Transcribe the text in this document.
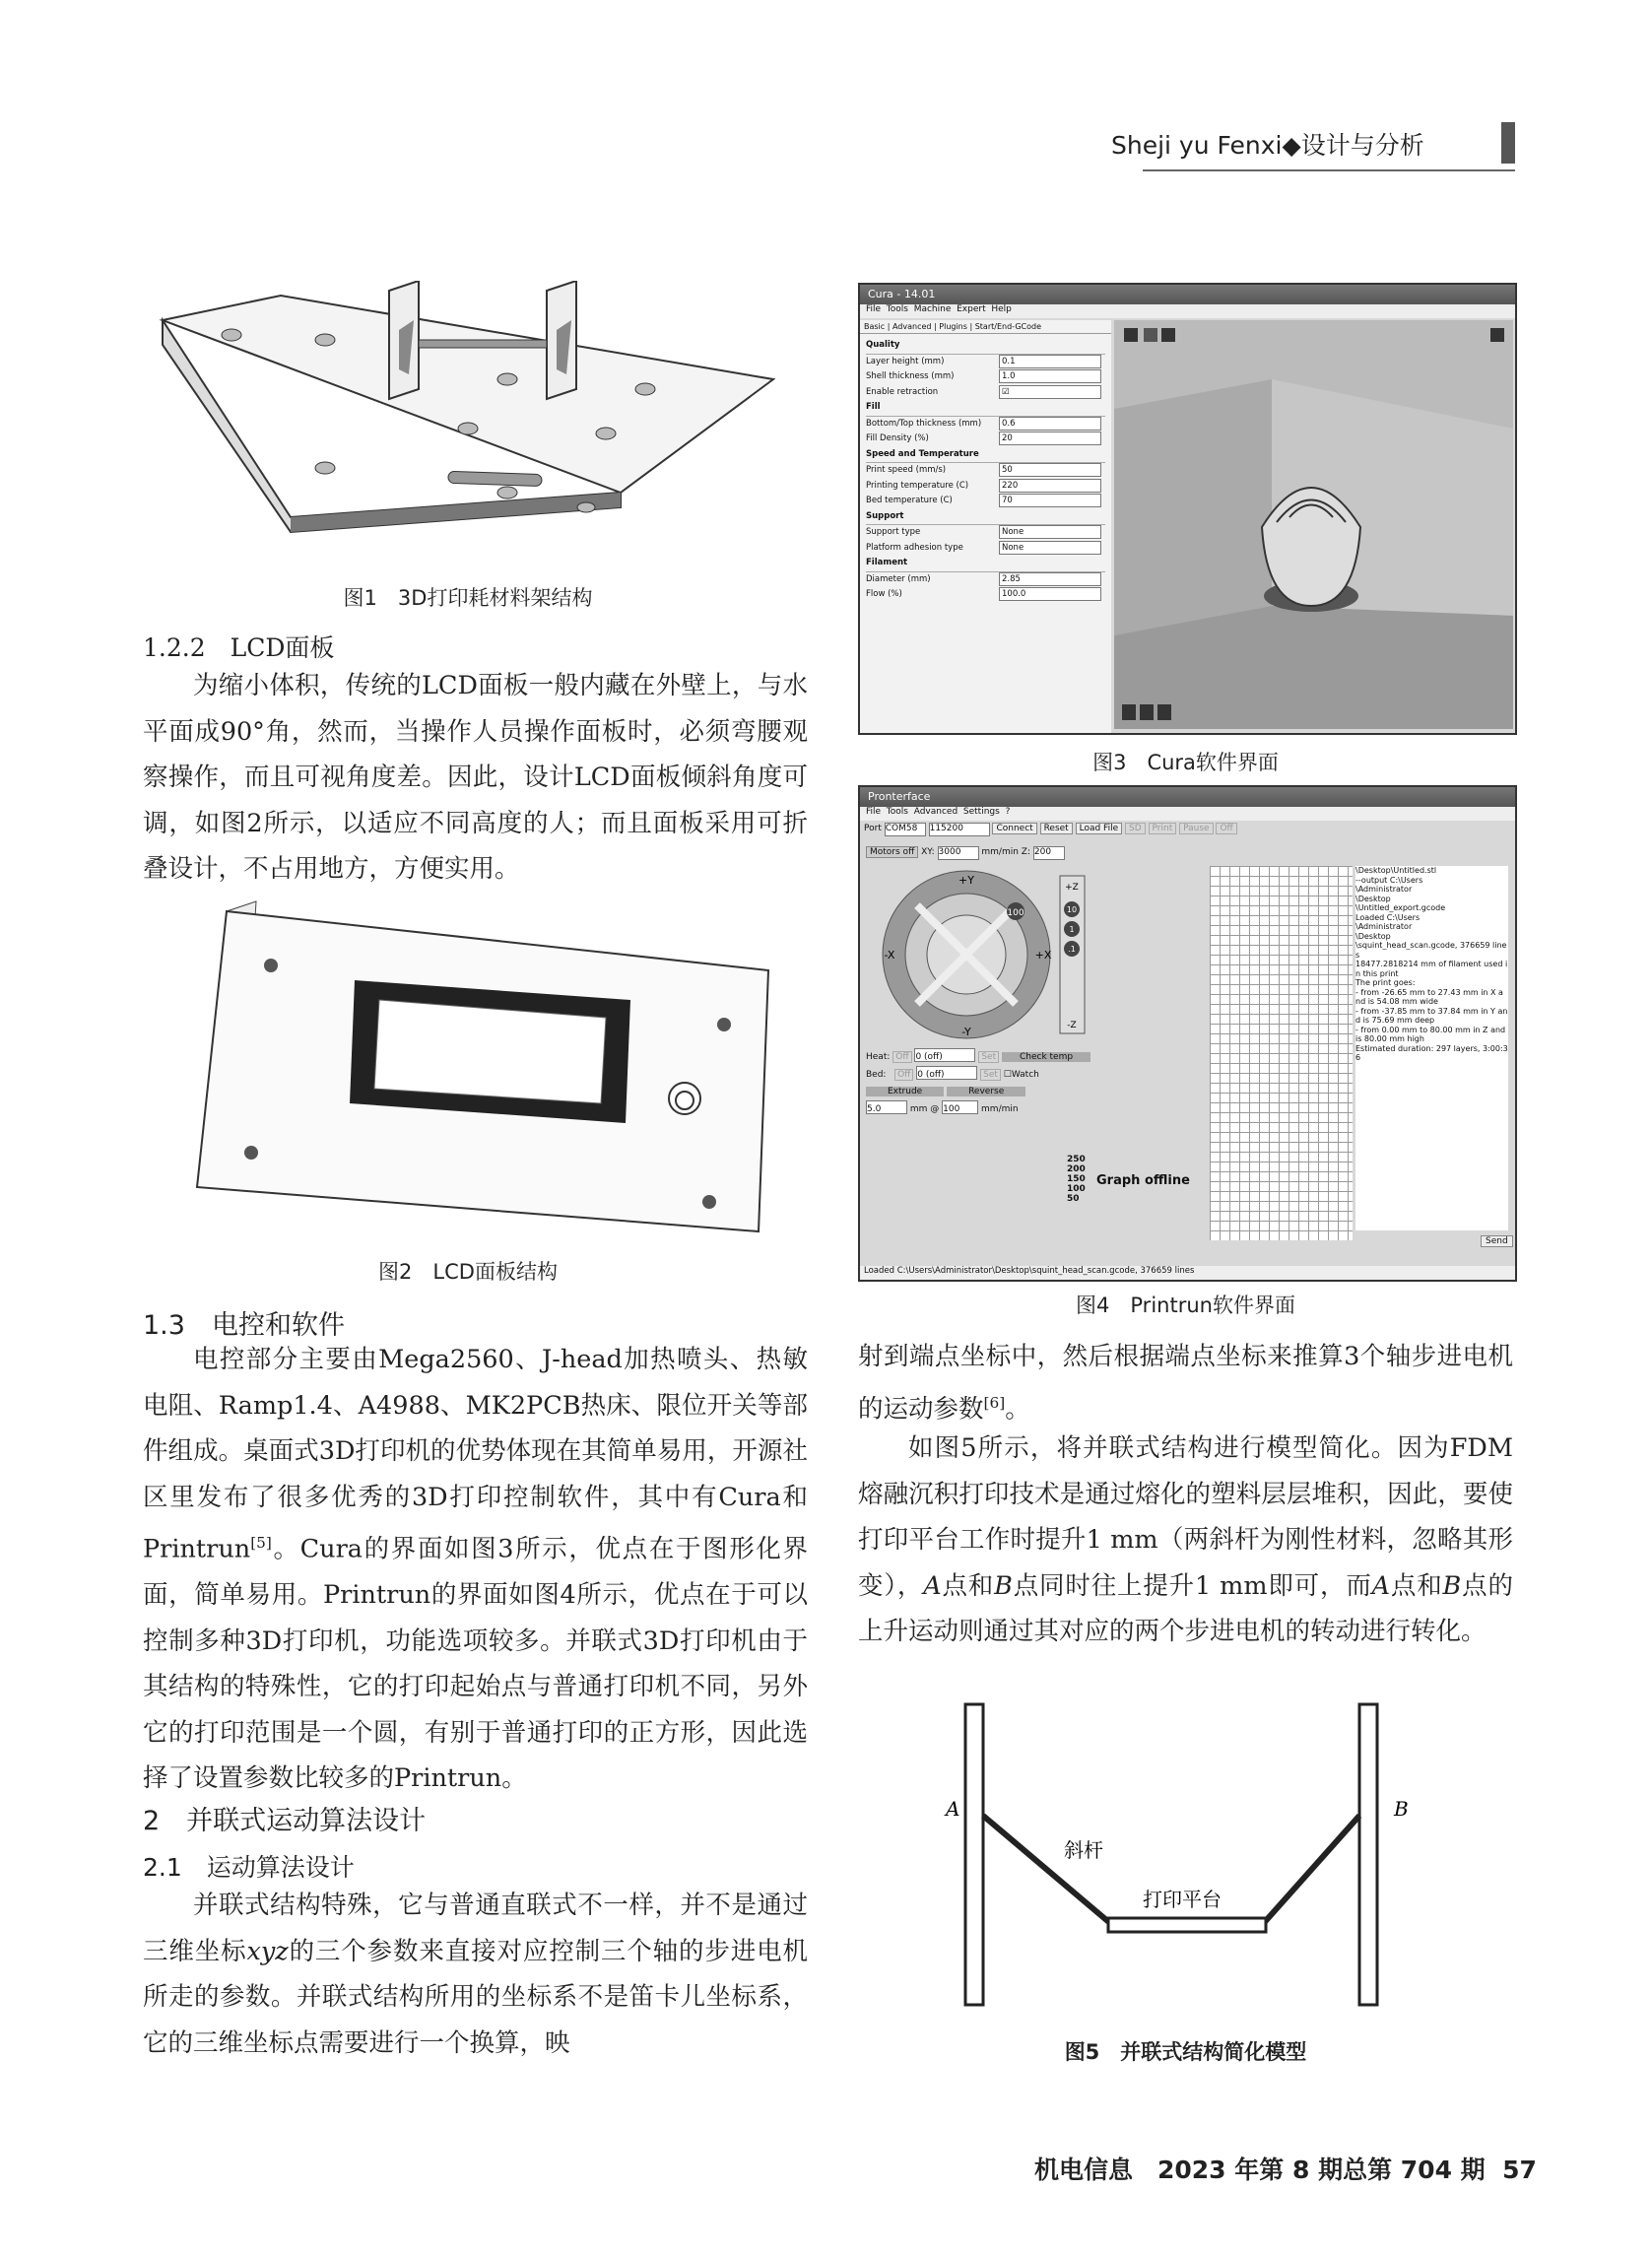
Sheji yu Fenxi◆设计与分析
图1　3D打印耗材料架结构
1.2.2　LCD面板

为缩小体积，传统的LCD面板一般内藏在外壁上，与水平面成90°角，然而，当操作人员操作面板时，必须弯腰观察操作，而且可视角度差。因此，设计LCD面板倾斜角度可调，如图2所示，以适应不同高度的人；而且面板采用可折叠设计，不占用地方，方便实用。

图2　LCD面板结构
1.3　电控和软件

电控部分主要由Mega2560、J-head加热喷头、热敏电阻、Ramp1.4、A4988、MK2PCB热床、限位开关等部件组成。桌面式3D打印机的优势体现在其简单易用，开源社区里发布了很多优秀的3D打印控制软件，其中有Cura和Printrun[5]。Cura的界面如图3所示，优点在于图形化界面，简单易用。Printrun的界面如图4所示，优点在于可以控制多种3D打印机，功能选项较多。并联式3D打印机由于其结构的特殊性，它的打印起始点与普通打印机不同，另外它的打印范围是一个圆，有别于普通打印的正方形，因此选择了设置参数比较多的Printrun。

2　并联式运动算法设计
2.1　运动算法设计

并联式结构特殊，它与普通直联式不一样，并不是通过三维坐标xyz的三个参数来直接对应控制三个轴的步进电机所走的参数。并联式结构所用的坐标系不是笛卡儿坐标系，它的三维坐标点需要进行一个换算，映

Cura - 14.01
File Tools Machine Expert Help
Basic | Advanced | Plugins | Start/End-GCode
Quality
Layer height (mm)	0.1
Shell thickness (mm)	1.0
Enable retraction	☑
Fill
Bottom/Top thickness (mm)	0.6
Fill Density (%)	20
Speed and Temperature
Print speed (mm/s)	50
Printing temperature (C)	220
Bed temperature (C)	70
Support
Support type	None
Platform adhesion type	None
Filament
Diameter (mm)	2.85
Flow (%)	100.0
图3　Cura软件界面
Pronterface
File Tools Advanced Settings ?
Port COM58 115200	Connect Reset Load File SD Print Pause Off
Motors off XY: 3000 mm/min Z: 200
+Y
-Y
-X	+X
100
+Z
-Z
10
1
.1
Heat: Off 0 (off)	Set	Check temp
Bed: Off 0 (off)	Set ☐Watch
Extrude	Reverse
5.0	mm @ 100 mm/min
250
200
150
100
50
Graph offline
\Desktop\Untitled.stl
--output C:\Users
\Administrator
\Desktop
\Untitled_export.gcode
Loaded C:\Users
\Administrator
\Desktop
\squint_head_scan.gcode, 376659 lines
18477.2818214 mm of filament used in this print
The print goes:
- from -26.65 mm to 27.43 mm in X and is 54.08 mm wide
- from -37.85 mm to 37.84 mm in Y and is 75.69 mm deep
- from 0.00 mm to 80.00 mm in Z and is 80.00 mm high
Estimated duration: 297 layers, 3:00:36
Send
Loaded C:\Users\Administrator\Desktop\squint_head_scan.gcode, 376659 lines
图4　Printrun软件界面

射到端点坐标中，然后根据端点坐标来推算3个轴步进电机的运动参数[6]。

如图5所示，将并联式结构进行模型简化。因为FDM熔融沉积打印技术是通过熔化的塑料层层堆积，因此，要使打印平台工作时提升1 mm（两斜杆为刚性材料，忽略其形变），A点和B点同时往上提升1 mm即可，而A点和B点的上升运动则通过其对应的两个步进电机的转动进行转化。

A	B
斜杆
打印平台
图5　并联式结构简化模型
机电信息　2023 年第 8 期总第 704 期 57
